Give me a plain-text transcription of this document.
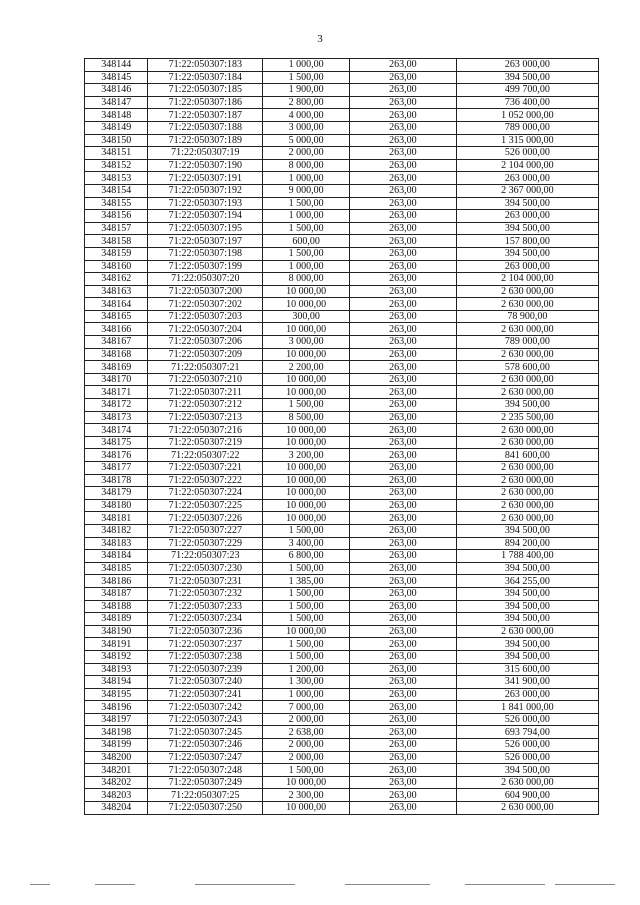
3
348144	71:22:050307:183	1 000,00	263,00	263 000,00
348145	71:22:050307:184	1 500,00	263,00	394 500,00
348146	71:22:050307:185	1 900,00	263,00	499 700,00
348147	71:22:050307:186	2 800,00	263,00	736 400,00
348148	71:22:050307:187	4 000,00	263,00	1 052 000,00
348149	71:22:050307:188	3 000,00	263,00	789 000,00
348150	71:22:050307:189	5 000,00	263,00	1 315 000,00
348151	71:22:050307:19	2 000,00	263,00	526 000,00
348152	71:22:050307:190	8 000,00	263,00	2 104 000,00
348153	71:22:050307:191	1 000,00	263,00	263 000,00
348154	71:22:050307:192	9 000,00	263,00	2 367 000,00
348155	71:22:050307:193	1 500,00	263,00	394 500,00
348156	71:22:050307:194	1 000,00	263,00	263 000,00
348157	71:22:050307:195	1 500,00	263,00	394 500,00
348158	71:22:050307:197	600,00	263,00	157 800,00
348159	71:22:050307:198	1 500,00	263,00	394 500,00
348160	71:22:050307:199	1 000,00	263,00	263 000,00
348162	71:22:050307:20	8 000,00	263,00	2 104 000,00
348163	71:22:050307:200	10 000,00	263,00	2 630 000,00
348164	71:22:050307:202	10 000,00	263,00	2 630 000,00
348165	71:22:050307:203	300,00	263,00	78 900,00
348166	71:22:050307:204	10 000,00	263,00	2 630 000,00
348167	71:22:050307:206	3 000,00	263,00	789 000,00
348168	71:22:050307:209	10 000,00	263,00	2 630 000,00
348169	71:22:050307:21	2 200,00	263,00	578 600,00
348170	71:22:050307:210	10 000,00	263,00	2 630 000,00
348171	71:22:050307:211	10 000,00	263,00	2 630 000,00
348172	71:22:050307:212	1 500,00	263,00	394 500,00
348173	71:22:050307:213	8 500,00	263,00	2 235 500,00
348174	71:22:050307:216	10 000,00	263,00	2 630 000,00
348175	71:22:050307:219	10 000,00	263,00	2 630 000,00
348176	71:22:050307:22	3 200,00	263,00	841 600,00
348177	71:22:050307:221	10 000,00	263,00	2 630 000,00
348178	71:22:050307:222	10 000,00	263,00	2 630 000,00
348179	71:22:050307:224	10 000,00	263,00	2 630 000,00
348180	71:22:050307:225	10 000,00	263,00	2 630 000,00
348181	71:22:050307:226	10 000,00	263,00	2 630 000,00
348182	71:22:050307:227	1 500,00	263,00	394 500,00
348183	71:22:050307:229	3 400,00	263,00	894 200,00
348184	71:22:050307:23	6 800,00	263,00	1 788 400,00
348185	71:22:050307:230	1 500,00	263,00	394 500,00
348186	71:22:050307:231	1 385,00	263,00	364 255,00
348187	71:22:050307:232	1 500,00	263,00	394 500,00
348188	71:22:050307:233	1 500,00	263,00	394 500,00
348189	71:22:050307:234	1 500,00	263,00	394 500,00
348190	71:22:050307:236	10 000,00	263,00	2 630 000,00
348191	71:22:050307:237	1 500,00	263,00	394 500,00
348192	71:22:050307:238	1 500,00	263,00	394 500,00
348193	71:22:050307:239	1 200,00	263,00	315 600,00
348194	71:22:050307:240	1 300,00	263,00	341 900,00
348195	71:22:050307:241	1 000,00	263,00	263 000,00
348196	71:22:050307:242	7 000,00	263,00	1 841 000,00
348197	71:22:050307:243	2 000,00	263,00	526 000,00
348198	71:22:050307:245	2 638,00	263,00	693 794,00
348199	71:22:050307:246	2 000,00	263,00	526 000,00
348200	71:22:050307:247	2 000,00	263,00	526 000,00
348201	71:22:050307:248	1 500,00	263,00	394 500,00
348202	71:22:050307:249	10 000,00	263,00	2 630 000,00
348203	71:22:050307:25	2 300,00	263,00	604 900,00
348204	71:22:050307:250	10 000,00	263,00	2 630 000,00
